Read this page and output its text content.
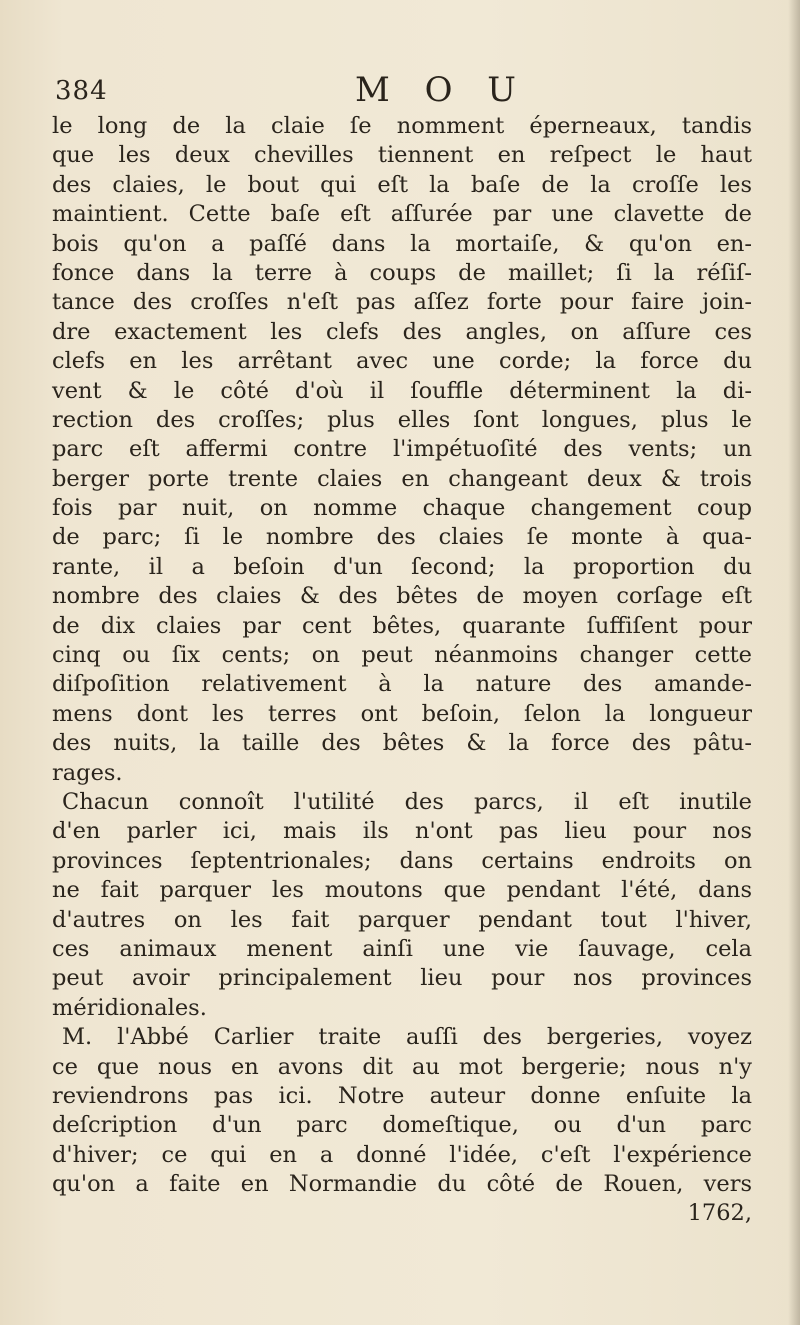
384	M O U
le long de la claie ſe nomment éperneaux, tandis
que les deux chevilles tiennent en reſpect le haut
des claies, le bout qui eſt la baſe de la croſſe les
maintient. Cette baſe eſt aſſurée par une clavette de
bois qu'on a paſſé dans la mortaiſe, & qu'on en-
fonce dans la terre à coups de maillet; ſi la réſiſ-
tance des croſſes n'eſt pas aſſez forte pour faire join-
dre exactement les clefs des angles, on aſſure ces
clefs en les arrêtant avec une corde; la force du
vent & le côté d'où il ſouffle déterminent la di-
rection des croſſes; plus elles ſont longues, plus le
parc eſt affermi contre l'impétuoſité des vents; un
berger porte trente claies en changeant deux & trois
fois par nuit, on nomme chaque changement coup
de parc; ſi le nombre des claies ſe monte à qua-
rante, il a beſoin d'un ſecond; la proportion du
nombre des claies & des bêtes de moyen corſage eſt
de dix claies par cent bêtes, quarante ſuffiſent pour
cinq ou ſix cents; on peut néanmoins changer cette
diſpoſition relativement à la nature des amande-
mens dont les terres ont beſoin, ſelon la longueur
des nuits, la taille des bêtes & la force des pâtu-
rages.
Chacun connoît l'utilité des parcs, il eſt inutile
d'en parler ici, mais ils n'ont pas lieu pour nos
provinces ſeptentrionales; dans certains endroits on
ne fait parquer les moutons que pendant l'été, dans
d'autres on les fait parquer pendant tout l'hiver,
ces animaux menent ainſi une vie ſauvage, cela
peut avoir principalement lieu pour nos provinces
méridionales.
M. l'Abbé Carlier traite auſſi des bergeries, voyez
ce que nous en avons dit au mot bergerie; nous n'y
reviendrons pas ici. Notre auteur donne enſuite la
deſcription d'un parc domeſtique, ou d'un parc
d'hiver; ce qui en a donné l'idée, c'eſt l'expérience
qu'on a faite en Normandie du côté de Rouen, vers
1762,
